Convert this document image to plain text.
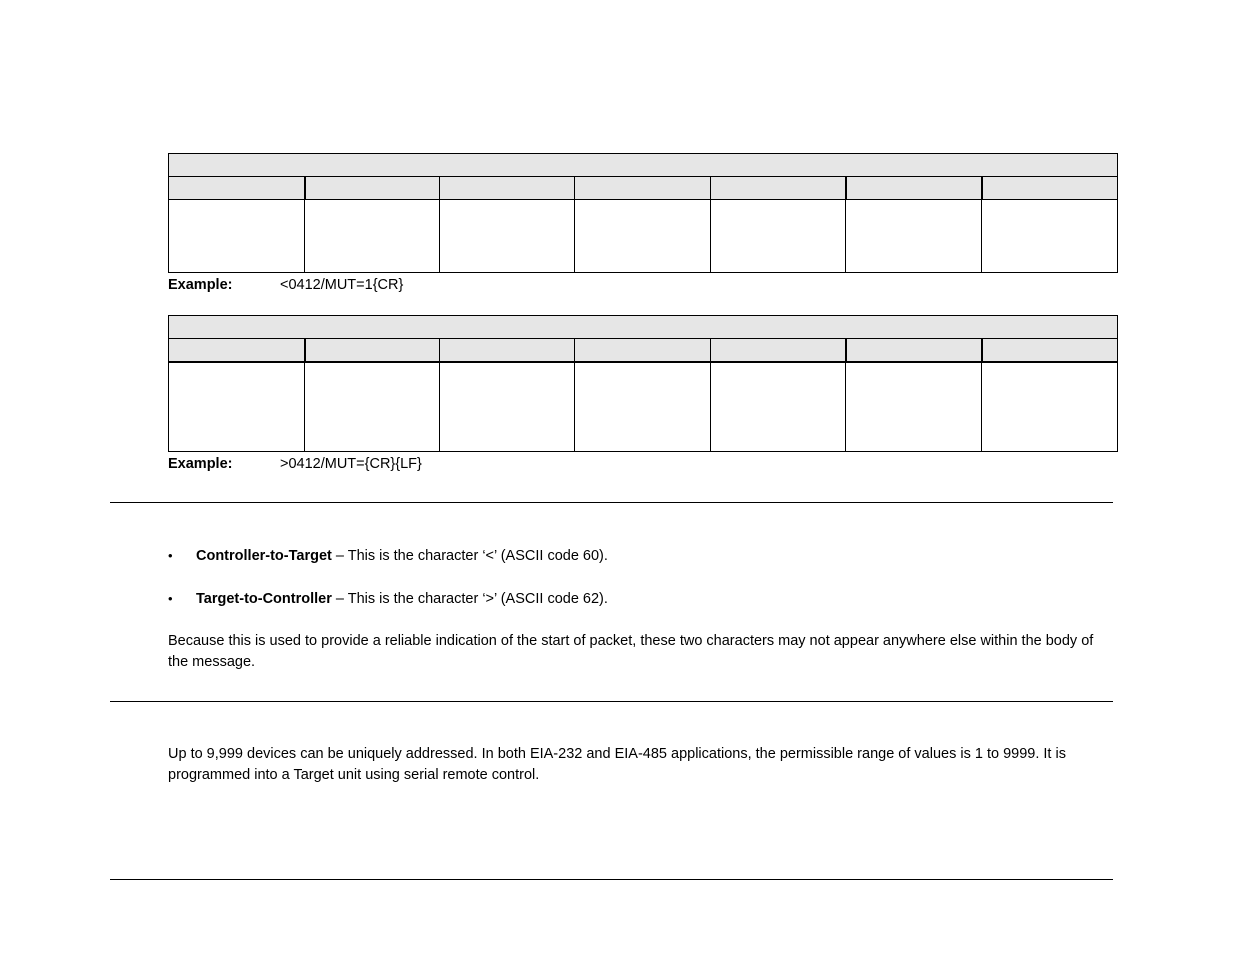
Example:	<0412/MUT=1{CR}

Example:	>0412/MUT={CR}{LF}
• Controller-to-Target – This is the character ‘<’ (ASCII code 60).
• Target-to-Controller – This is the character ‘>’ (ASCII code 62).
Because this is used to provide a reliable indication of the start of packet, these two characters may not appear anywhere else within the body of the message.
Up to 9,999 devices can be uniquely addressed. In both EIA-232 and EIA-485 applications, the permissible range of values is 1 to 9999. It is programmed into a Target unit using serial remote control.
